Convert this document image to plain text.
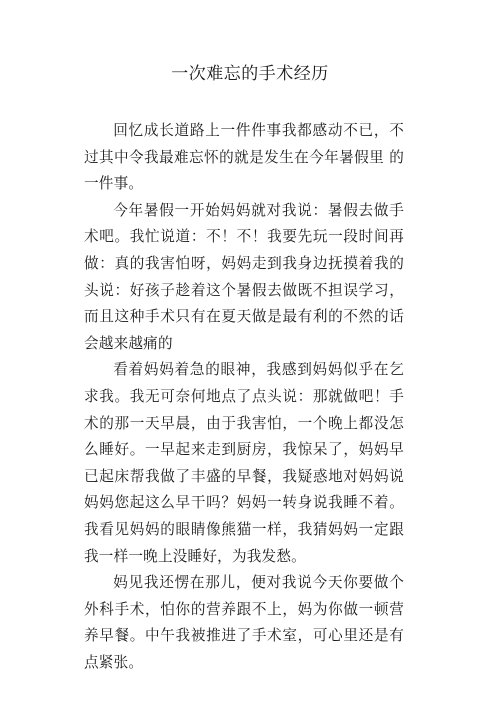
一次难忘的手术经历

回忆成长道路上一件件事我都感动不已，不 过其中令我最难忘怀的就是发生在今年暑假里 的一件事。

今年暑假一开始妈妈就对我说：暑假去做手 术吧。我忙说道：不！不！我要先玩一段时间再 做：真的我害怕呀，妈妈走到我身边抚摸着我的 头说：好孩子趁着这个暑假去做既不担误学习， 而且这种手术只有在夏天做是最有利的不然的话 会越来越痛的

看着妈妈着急的眼神，我感到妈妈似乎在乞 求我。我无可奈何地点了点头说：那就做吧！手 术的那一天早晨，由于我害怕，一个晚上都没怎 么睡好。一早起来走到厨房，我惊呆了，妈妈早 已起床帮我做了丰盛的早餐，我疑惑地对妈妈说 妈妈您起这么早干吗？妈妈一转身说我睡不着。 我看见妈妈的眼睛像熊猫一样，我猜妈妈一定跟 我一样一晚上没睡好，为我发愁。

妈见我还愣在那儿，便对我说今天你要做个 外科手术，怕你的营养跟不上，妈为你做一顿营 养早餐。中午我被推进了手术室，可心里还是有 点紧张。
